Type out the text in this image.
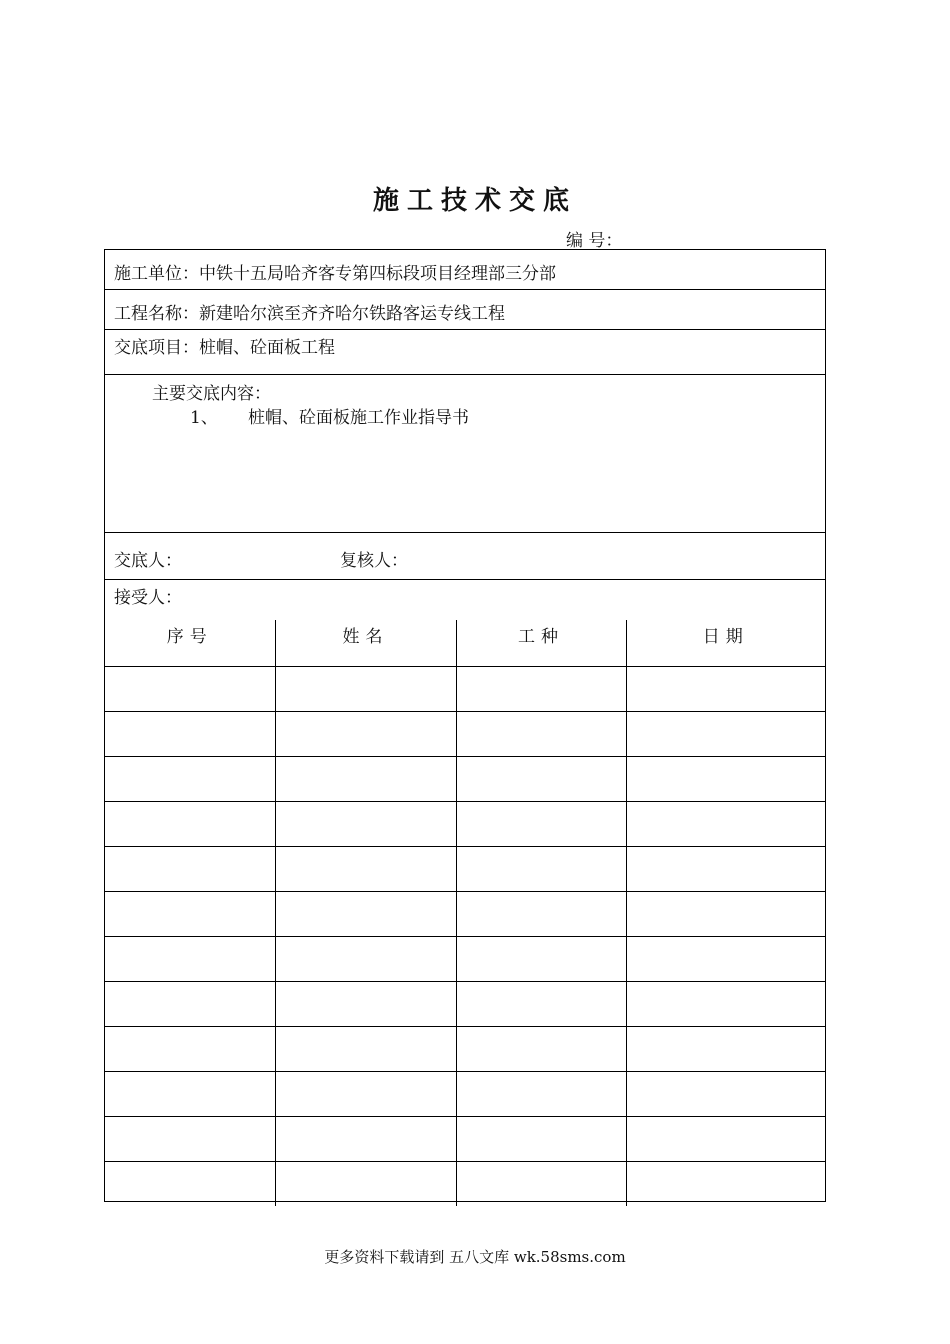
施工技术交底
编 号：
施工单位：中铁十五局哈齐客专第四标段项目经理部三分部
工程名称：新建哈尔滨至齐齐哈尔铁路客运专线工程
交底项目：桩帽、砼面板工程
主要交底内容：
1、 桩帽、砼面板施工作业指导书
交底人：	复核人：
接受人：
序号	姓名	工种	日期

更多资料下载请到 五八文库 wk.58sms.com
